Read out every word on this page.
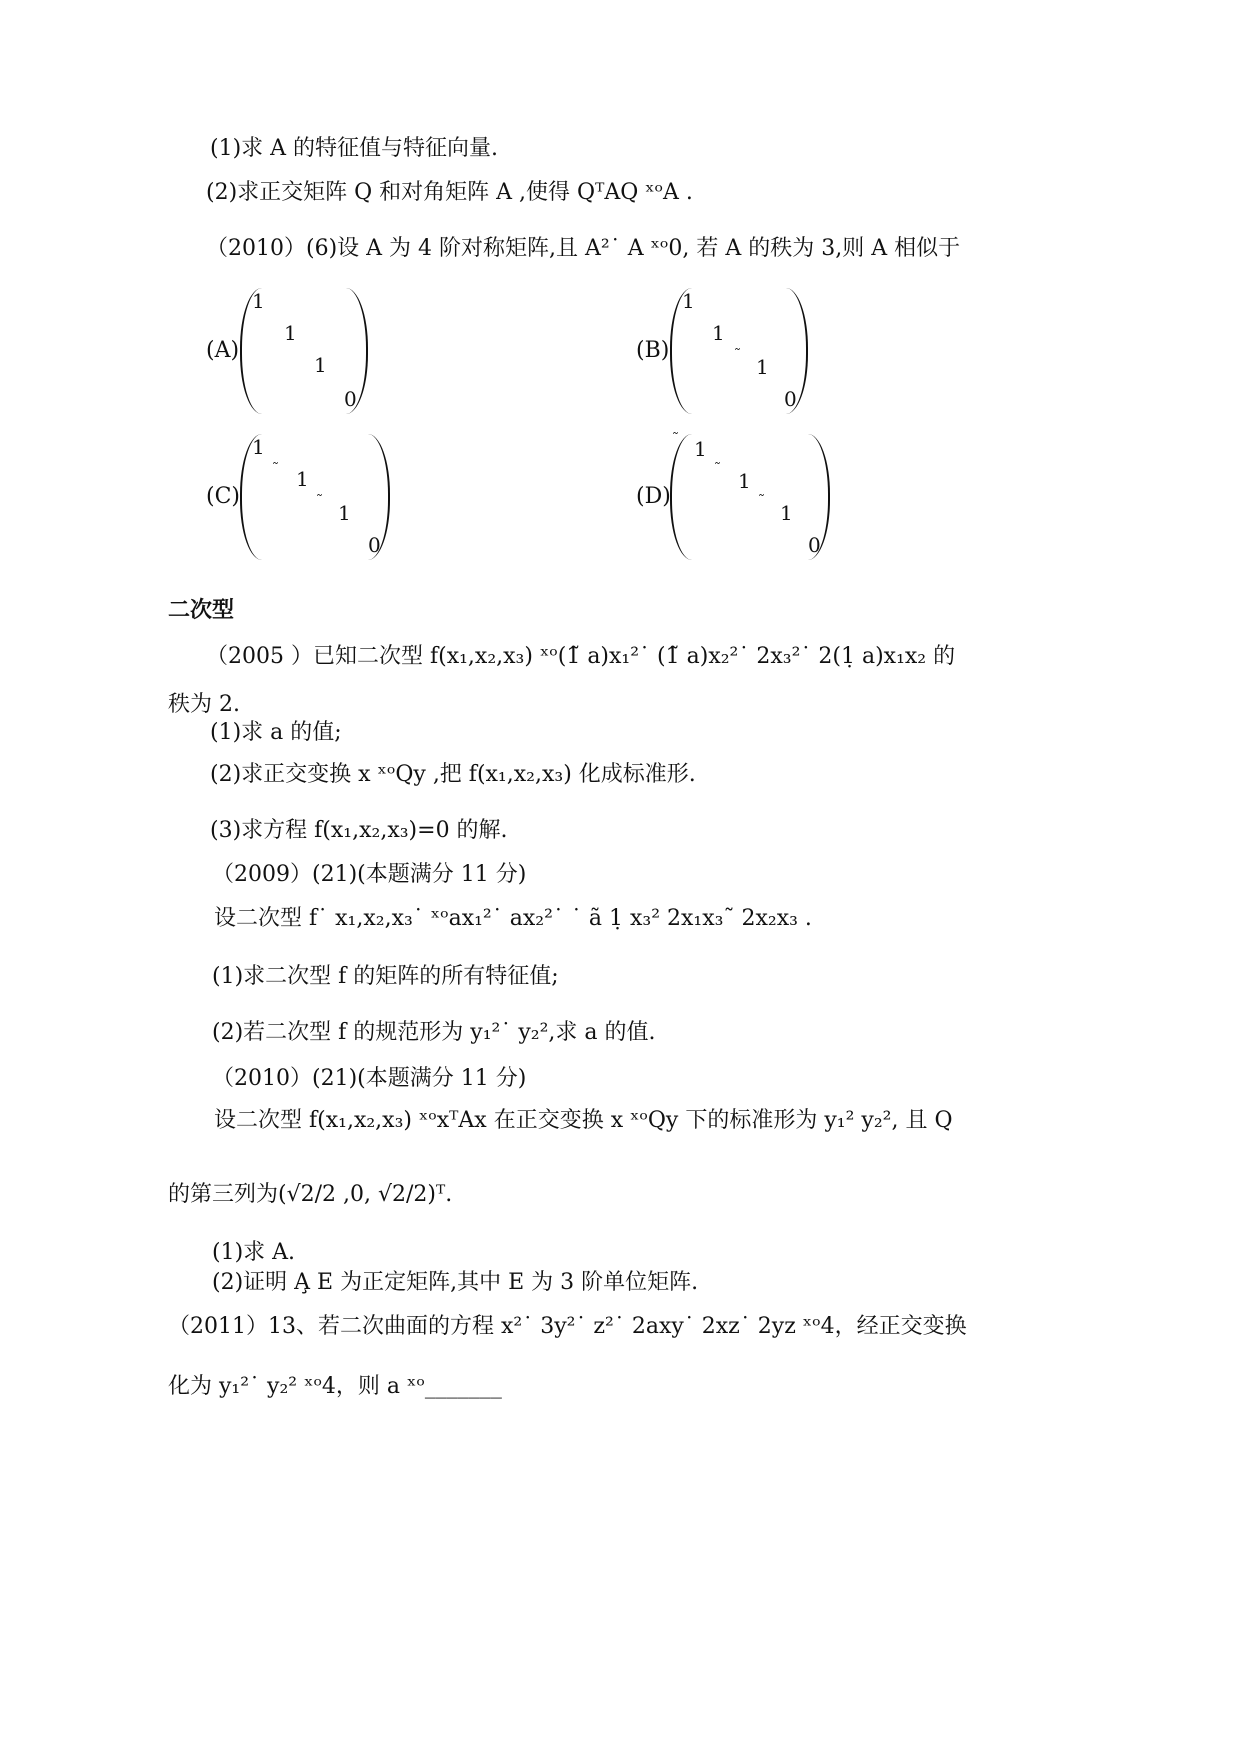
(1)求 A 的特征值与特征向量.
(2)求正交矩阵 Q 和对角矩阵 A ,使得 QᵀAQ ˣᵒA .
（2010）(6)设 A 为 4 阶对称矩阵,且 A²˙ A ˣᵒ0, 若 A 的秩为 3,则 A 相似于
(A)
1
1
1
0
(B)
1
1
˜ 1
0
(C)
1
˜ 1
˜ 1
0
(D)
˜ 1
˜ 1
˜ 1
0
二次型
（2005 ）已知二次型 f(x₁,x₂,x₃) ˣᵒ(1̃ a)x₁²˙ (1̃ a)x₂²˙ 2x₃²˙ 2(1̣ a)x₁x₂ 的
秩为 2.
(1)求 a 的值;
(2)求正交变换 x ˣᵒQy ,把 f(x₁,x₂,x₃) 化成标准形.
(3)求方程 f(x₁,x₂,x₃)=0 的解.
（2009）(21)(本题满分 11 分)
设二次型 f˙ x₁,x₂,x₃˙ ˣᵒax₁²˙ ax₂²˙ ˙ ã 1̣ x₃² 2x₁x₃˜ 2x₂x₃ .
(1)求二次型 f 的矩阵的所有特征值;
(2)若二次型 f 的规范形为 y₁²˙ y₂²,求 a 的值.
（2010）(21)(本题满分 11 分)
设二次型 f(x₁,x₂,x₃) ˣᵒxᵀAx 在正交变换 x ˣᵒQy 下的标准形为 y₁² y₂², 且 Q
的第三列为(√2/2 ,0, √2/2)ᵀ.
(1)求 A.
(2)证明 A̧ E 为正定矩阵,其中 E 为 3 阶单位矩阵.
（2011）13、若二次曲面的方程 x²˙ 3y²˙ z²˙ 2axy˙ 2xz˙ 2yz ˣᵒ4，经正交变换
化为 y₁²˙ y₂² ˣᵒ4，则 a ˣᵒ_______
